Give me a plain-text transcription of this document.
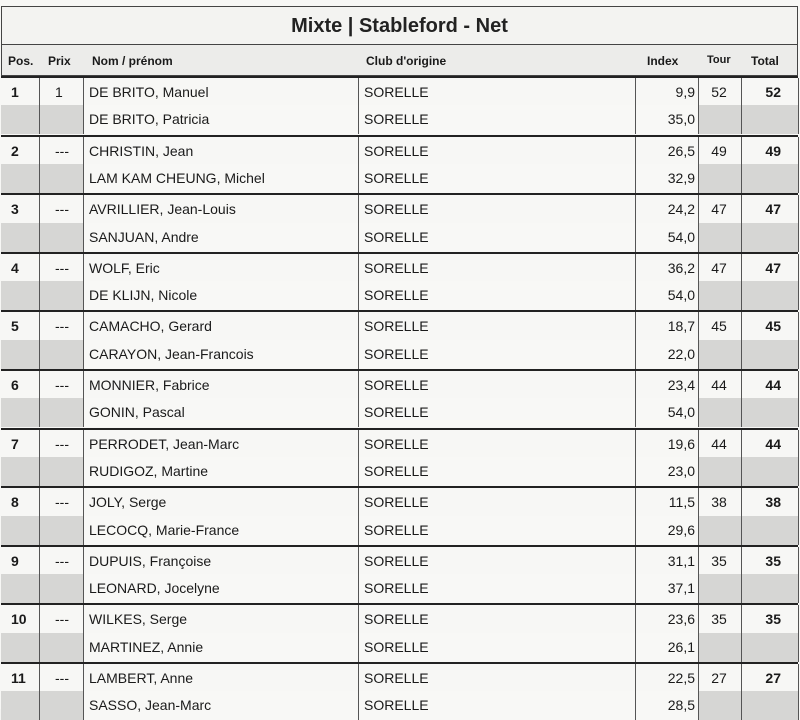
Mixte | Stableford - Net
Pos. Prix Nom / prénom	Club d'origine	Index	Tour Total
1	1 DE BRITO, Manuel	SORELLE	9,9	52	52
DE BRITO, Patricia	SORELLE	35,0
2	--- CHRISTIN, Jean	SORELLE	26,5	49	49
LAM KAM CHEUNG, Michel	SORELLE	32,9
3	--- AVRILLIER, Jean-Louis	SORELLE	24,2	47	47
SANJUAN, Andre	SORELLE	54,0
4	--- WOLF, Eric	SORELLE	36,2	47	47
DE KLIJN, Nicole	SORELLE	54,0
5	--- CAMACHO, Gerard	SORELLE	18,7	45	45
CARAYON, Jean-Francois	SORELLE	22,0
6	--- MONNIER, Fabrice	SORELLE	23,4	44	44
GONIN, Pascal	SORELLE	54,0
7	--- PERRODET, Jean-Marc	SORELLE	19,6	44	44
RUDIGOZ, Martine	SORELLE	23,0
8	--- JOLY, Serge	SORELLE	11,5	38	38
LECOCQ, Marie-France	SORELLE	29,6
9	--- DUPUIS, Françoise	SORELLE	31,1	35	35
LEONARD, Jocelyne	SORELLE	37,1
10 --- WILKES, Serge	SORELLE	23,6	35	35
MARTINEZ, Annie	SORELLE	26,1
11 --- LAMBERT, Anne	SORELLE	22,5	27	27
SASSO, Jean-Marc	SORELLE	28,5
